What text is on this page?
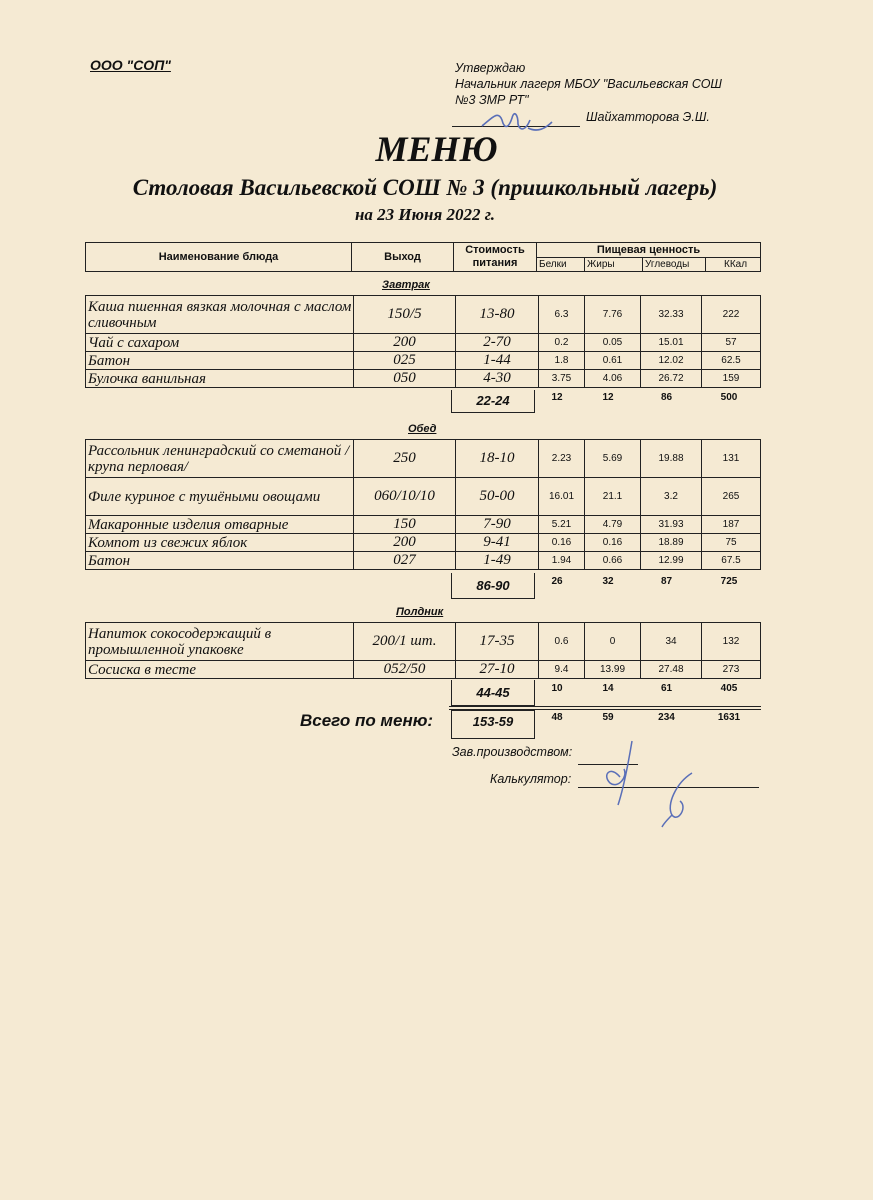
ООО "СОП"	Утверждаю
Начальник лагеря МБОУ "Васильевская СОШ
№3 ЗМР РТ"
Шайхатторова Э.Ш.
МЕНЮ
Столовая Васильевской СОШ № 3 (пришкольный лагерь)
на 23 Июня 2022 г.
Наименование блюда	Выход	Стоимость питания	Пищевая ценность			
			Белки	Жиры	Углеводы	ККал
Завтрак
Каша пшенная вязкая молочная с маслом сливочным	150/5	13-80	6.3	7.76	32.33	222
Чай с сахаром	200	2-70	0.2	0.05	15.01	57
Батон	025	1-44	1.8	0.61	12.02	62.5
Булочка ванильная	050	4-30	3.75	4.06	26.72	159
22-24	12	12	86	500
Обед
Рассольник ленинградский со сметаной /крупа перловая/	250	18-10	2.23	5.69	19.88	131
Филе куриное с тушёными овощами	060/10/10	50-00	16.01	21.1	3.2	265
Макаронные изделия отварные	150	7-90	5.21	4.79	31.93	187
Компот из свежих яблок	200	9-41	0.16	0.16	18.89	75
Батон	027	1-49	1.94	0.66	12.99	67.5
86-90	26	32	87	725
Полдник
Напиток сокосодержащий в промышленной упаковке	200/1 шт.	17-35	0.6	0	34	132
Сосиска в тесте	052/50	27-10	9.4	13.99	27.48	273
44-45	10	14	61	405
Всего по меню:	153-59	48	59	234	1631
Зав.производством:
Калькулятор:
